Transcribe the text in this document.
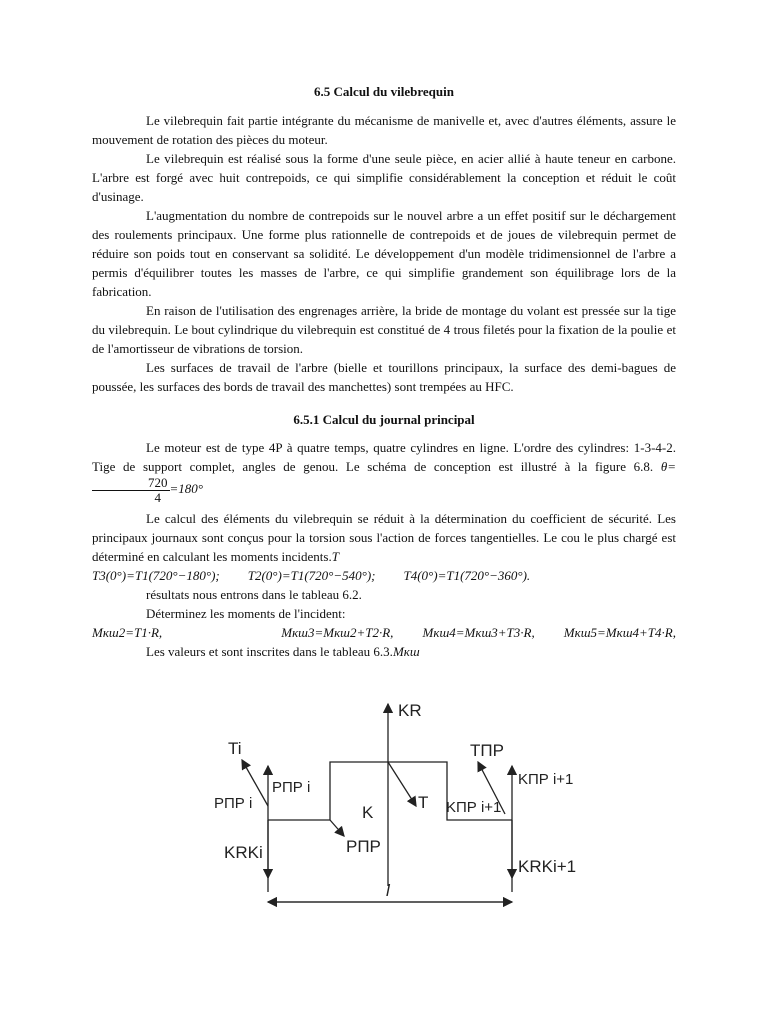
6.5 Calcul du vilebrequin

Le vilebrequin fait partie intégrante du mécanisme de manivelle et, avec d'autres éléments, assure le mouvement de rotation des pièces du moteur.

Le vilebrequin est réalisé sous la forme d'une seule pièce, en acier allié à haute teneur en carbone. L'arbre est forgé avec huit contrepoids, ce qui simplifie considérablement la conception et réduit le coût d'usinage.

L'augmentation du nombre de contrepoids sur le nouvel arbre a un effet positif sur le déchargement des roulements principaux. Une forme plus rationnelle de contrepoids et de joues de vilebrequin permet de réduire son poids tout en conservant sa solidité. Le développement d'un modèle tridimensionnel de l'arbre a permis d'équilibrer toutes les masses de l'arbre, ce qui simplifie grandement son équilibrage lors de la fabrication.

En raison de l'utilisation des engrenages arrière, la bride de montage du volant est pressée sur la tige du vilebrequin. Le bout cylindrique du vilebrequin est constitué de 4 trous filetés pour la fixation de la poulie et de l'amortisseur de vibrations de torsion.

Les surfaces de travail de l'arbre (bielle et tourillons principaux, la surface des demi-bagues de poussée, les surfaces des bords de travail des manchettes) sont trempées au HFC.

6.5.1 Calcul du journal principal

Le moteur est de type 4P à quatre temps, quatre cylindres en ligne. L'ordre des cylindres: 1-3-4-2. Tige de support complet, angles de genou. Le schéma de conception est illustré à la figure 6.8. θ=
$\frac{720}{4} =180^\circ$

Le calcul des éléments du vilebrequin se réduit à la détermination du coefficient de sécurité. Les principaux journaux sont conçus pour la torsion sous l'action de forces tangentielles. Le cou le plus chargé est déterminé en calculant les moments incidents.T

T3(0°)=T1(720°−180°); T2(0°)=T1(720°−540°); T4(0°)=T1(720°−360°).

résultats nous entrons dans le tableau 6.2.

Déterminez les moments de l'incident:

Mкш2=T1·R,	Mкш3=Mкш2+T2·R, Mкш4=Mкш3+T3·R, Mкш5=Mкш4+T4·R,

Les valeurs et sont inscrites dans le tableau 6.3.Mкш

KR
Ti	TПР
KПР i+1
PПР i
PПР i	K
T KПР i+1
PПР
KRKi
KRKi+1
l
